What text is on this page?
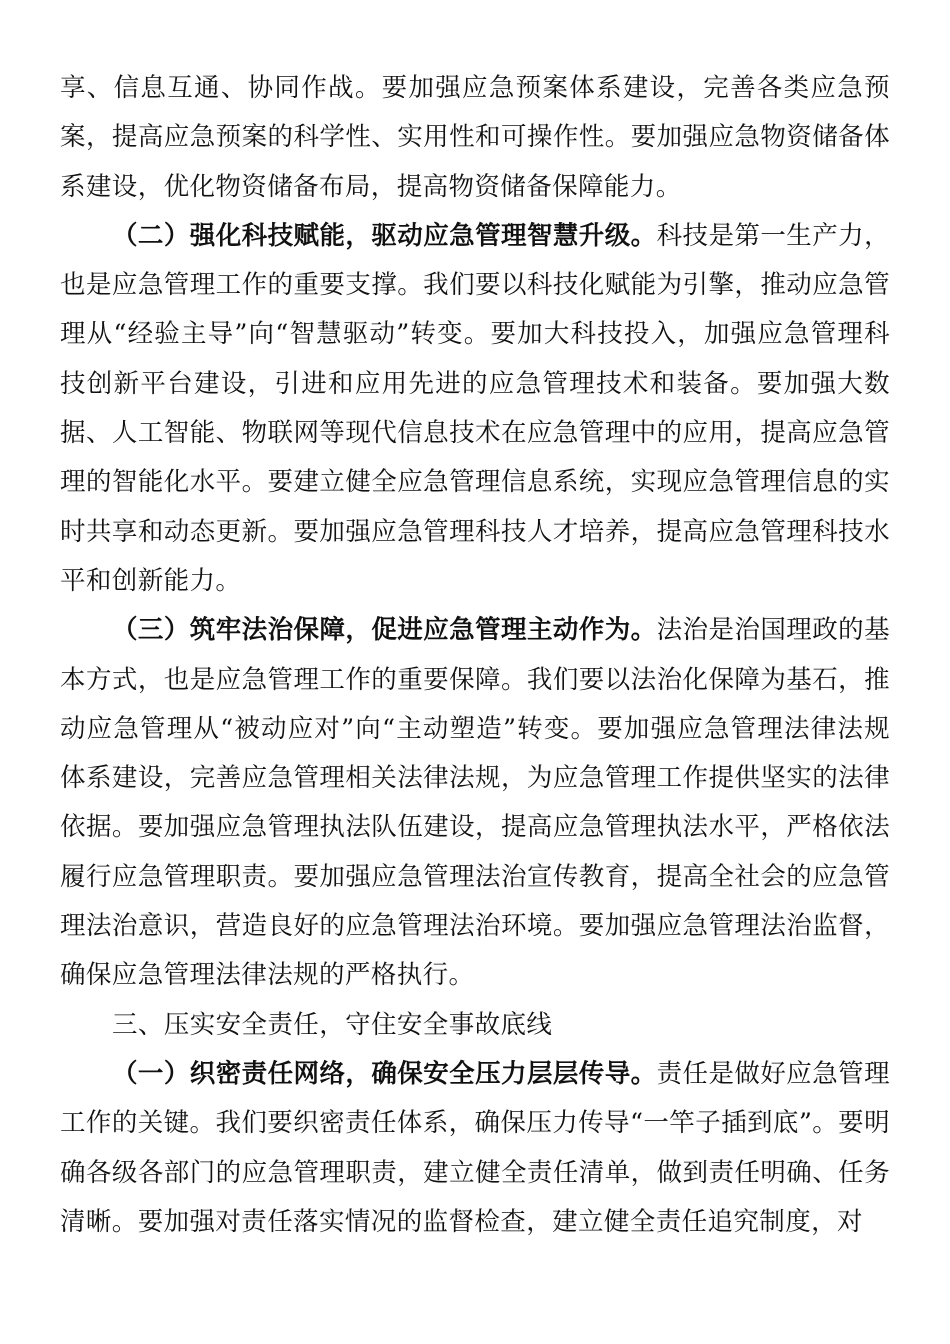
享、信息互通、协同作战。要加强应急预案体系建设，完善各类应急预案，提高应急预案的科学性、实用性和可操作性。要加强应急物资储备体系建设，优化物资储备布局，提高物资储备保障能力。

（二）强化科技赋能，驱动应急管理智慧升级。科技是第一生产力，也是应急管理工作的重要支撑。我们要以科技化赋能为引擎，推动应急管理从“经验主导”向“智慧驱动”转变。要加大科技投入，加强应急管理科技创新平台建设，引进和应用先进的应急管理技术和装备。要加强大数据、人工智能、物联网等现代信息技术在应急管理中的应用，提高应急管理的智能化水平。要建立健全应急管理信息系统，实现应急管理信息的实时共享和动态更新。要加强应急管理科技人才培养，提高应急管理科技水平和创新能力。

（三）筑牢法治保障，促进应急管理主动作为。法治是治国理政的基本方式，也是应急管理工作的重要保障。我们要以法治化保障为基石，推动应急管理从“被动应对”向“主动塑造”转变。要加强应急管理法律法规体系建设，完善应急管理相关法律法规，为应急管理工作提供坚实的法律依据。要加强应急管理执法队伍建设，提高应急管理执法水平，严格依法履行应急管理职责。要加强应急管理法治宣传教育，提高全社会的应急管理法治意识，营造良好的应急管理法治环境。要加强应急管理法治监督，确保应急管理法律法规的严格执行。

三、压实安全责任，守住安全事故底线

（一）织密责任网络，确保安全压力层层传导。责任是做好应急管理工作的关键。我们要织密责任体系，确保压力传导“一竿子插到底”。要明确各级各部门的应急管理职责，建立健全责任清单，做到责任明确、任务清晰。要加强对责任落实情况的监督检查，建立健全责任追究制度，对
